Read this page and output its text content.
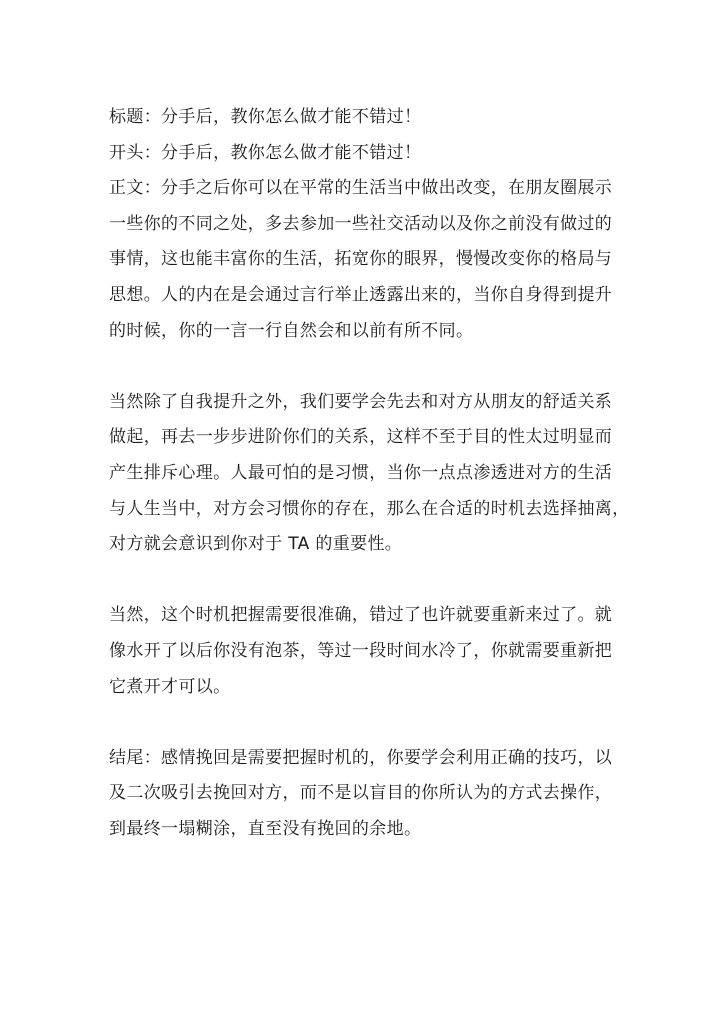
标题：分手后，教你怎么做才能不错过！
开头：分手后，教你怎么做才能不错过！
正文：分手之后你可以在平常的生活当中做出改变，在朋友圈展示
一些你的不同之处，多去参加一些社交活动以及你之前没有做过的
事情，这也能丰富你的生活，拓宽你的眼界，慢慢改变你的格局与
思想。人的内在是会通过言行举止透露出来的，当你自身得到提升
的时候，你的一言一行自然会和以前有所不同。
当然除了自我提升之外，我们要学会先去和对方从朋友的舒适关系
做起，再去一步步进阶你们的关系，这样不至于目的性太过明显而
产生排斥心理。人最可怕的是习惯，当你一点点渗透进对方的生活
与人生当中，对方会习惯你的存在，那么在合适的时机去选择抽离，
对方就会意识到你对于 TA 的重要性。
当然，这个时机把握需要很准确，错过了也许就要重新来过了。就
像水开了以后你没有泡茶，等过一段时间水冷了，你就需要重新把
它煮开才可以。
结尾：感情挽回是需要把握时机的，你要学会利用正确的技巧，以
及二次吸引去挽回对方，而不是以盲目的你所认为的方式去操作，
到最终一塌糊涂，直至没有挽回的余地。
